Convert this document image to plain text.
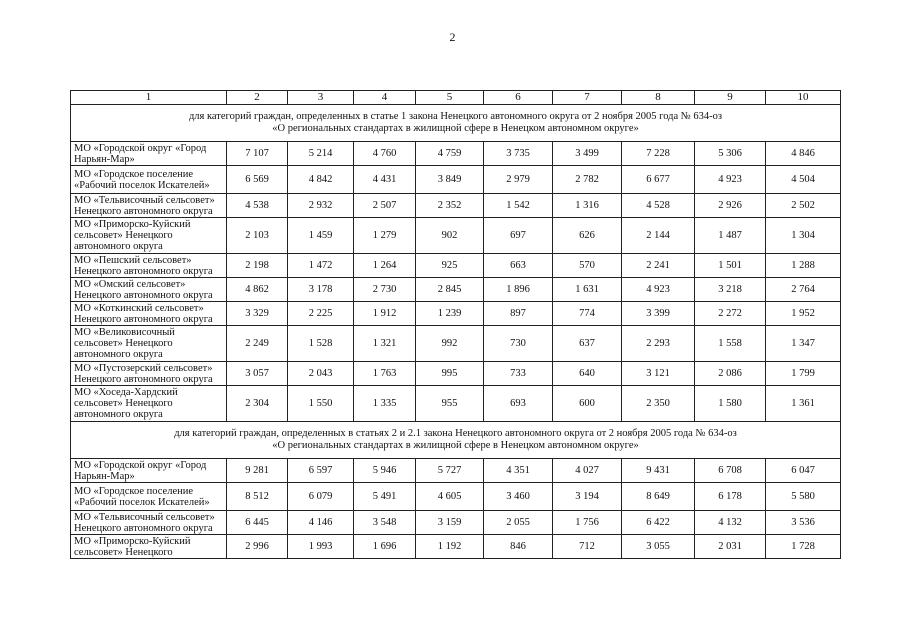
2
1	2	3	4	5	6	7	8	9	10

для категорий граждан, определенных в статье 1 закона Ненецкого автономного округа от 2 ноября 2005 года № 634-оз
«О региональных стандартах в жилищной сфере в Ненецком автономном округе»									

МО «Городской округ «Город
Нарьян-Мар»	7 107	5 214	4 760	4 759	3 735	3 499	7 228	5 306	4 846

МО «Городское поселение
«Рабочий поселок Искателей»	6 569	4 842	4 431	3 849	2 979	2 782	6 677	4 923	4 504

МО «Тельвисочный сельсовет»
Ненецкого автономного округа	4 538	2 932	2 507	2 352	1 542	1 316	4 528	2 926	2 502

МО «Приморско-Куйский
сельсовет» Ненецкого
автономного округа	2 103	1 459	1 279	902	697	626	2 144	1 487	1 304

МО «Пешский сельсовет»
Ненецкого автономного округа	2 198	1 472	1 264	925	663	570	2 241	1 501	1 288

МО «Омский сельсовет»
Ненецкого автономного округа	4 862	3 178	2 730	2 845	1 896	1 631	4 923	3 218	2 764

МО «Коткинский сельсовет»
Ненецкого автономного округа	3 329	2 225	1 912	1 239	897	774	3 399	2 272	1 952

МО «Великовисочный
сельсовет» Ненецкого
автономного округа	2 249	1 528	1 321	992	730	637	2 293	1 558	1 347

МО «Пустозерский сельсовет»
Ненецкого автономного округа	3 057	2 043	1 763	995	733	640	3 121	2 086	1 799

МО «Хоседа-Хардский
сельсовет» Ненецкого
автономного округа	2 304	1 550	1 335	955	693	600	2 350	1 580	1 361

для категорий граждан, определенных в статьях 2 и 2.1 закона Ненецкого автономного округа от 2 ноября 2005 года № 634-оз
«О региональных стандартах в жилищной сфере в Ненецком автономном округе»									

МО «Городской округ «Город
Нарьян-Мар»	9 281	6 597	5 946	5 727	4 351	4 027	9 431	6 708	6 047

МО «Городское поселение
«Рабочий поселок Искателей»	8 512	6 079	5 491	4 605	3 460	3 194	8 649	6 178	5 580

МО «Тельвисочный сельсовет»
Ненецкого автономного округа	6 445	4 146	3 548	3 159	2 055	1 756	6 422	4 132	3 536

МО «Приморско-Куйский
сельсовет» Ненецкого	2 996	1 993	1 696	1 192	846	712	3 055	2 031	1 728
